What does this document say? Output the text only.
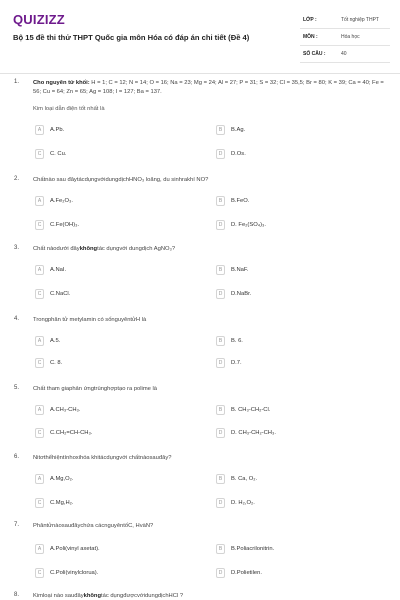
QUIZIZZ
Bộ 15 đề thi thử THPT Quốc gia môn Hóa có đáp án chi tiết (Đề 4)
LỚP :	Tốt nghiệp THPT
MÔN :	Hóa học
SỐ CÂU :	40
1. Cho nguyên tử khối: H = 1; C = 12; N = 14; O = 16; Na = 23; Mg = 24; Al = 27; P = 31; S = 32; Cl = 35,5; Br = 80; K = 39; Ca = 40; Fe = 56; Cu = 64; Zn = 65; Ag = 108; I = 127; Ba = 137.
Kim loại dẫn điện tốt nhất là
A	A.Pb.	B	B.Ag.
C	C. Cu.	D	D.Os.
2. Chấtnào sau đâytácdụngvớidungdịchHNO₃ loãng, du sinhrakhí NO?
A	A.Fe₂O₃.	B	B.FeO.
C	C.Fe(OH)₃.	D	D. Fe₂(SO₄)₃.
3. Chất nàodưới đâykhôngtác dụngvới dungdịch AgNO₃?
A	A.NaI.	B	B.NaF.
C	C.NaCl.	D	D.NaBr.
4. Trongphân tử metylamin có sốnguyêntửH là
A	A.5.	B	B. 6.
C	C. 8.	D	D.7.
5. Chất tham giaphản ứngtrùnghợptạo ra polime là
A	A.CH₃-CH₃.	B	B. CH₃-CH₂-Cl.
C	C.CH₂=CH-CH₃.	D	D. CH₃-CH₂-CH₃.
6. Nitơthểhiệntínhoxihóa khitácdụngvới chấtnàosauđây?
A	A.Mg,O₂.	B	B. Ca, O₂.
C	C.Mg,H₂.	D	D. H₂,O₂.
7. Phântửnàosauđâychứa cácnguyêntốC, HvàN?
A	A.Poli(vinyl axetat).	B	B.Poliacrilonitrin.
C	C.Poli(vinylclorua).	D	D.Polietilen.
8. Kimloại nào sauđâykhôngtác dụngđượcvớidungdịchHCl ?
